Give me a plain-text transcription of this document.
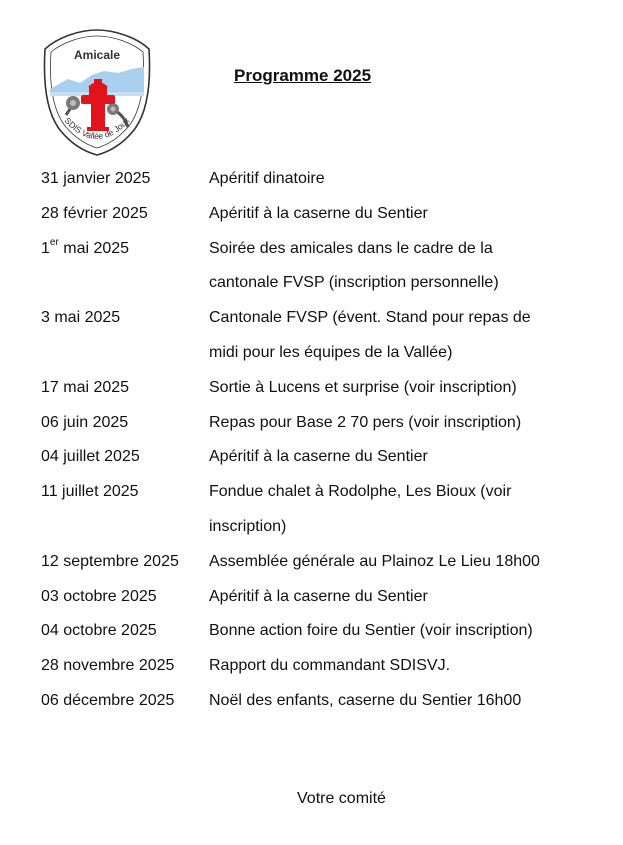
Amicale
SDIS Vallée de Joux
Programme 2025
31 janvier 2025	Apéritif dinatoire
28 février 2025	Apéritif à la caserne du Sentier
1er mai 2025	Soirée des amicales dans le cadre de la
cantonale FVSP (inscription personnelle)
3 mai 2025	Cantonale FVSP (évent. Stand pour repas de
midi pour les équipes de la Vallée)
17 mai 2025	Sortie à Lucens et surprise (voir inscription)
06 juin 2025	Repas pour Base 2 70 pers (voir inscription)
04 juillet 2025	Apéritif à la caserne du Sentier
11 juillet 2025	Fondue chalet à Rodolphe, Les Bioux (voir
inscription)
12 septembre 2025 Assemblée générale au Plainoz Le Lieu 18h00
03 octobre 2025	Apéritif à la caserne du Sentier
04 octobre 2025	Bonne action foire du Sentier (voir inscription)
28 novembre 2025 Rapport du commandant SDISVJ.
06 décembre 2025 Noël des enfants, caserne du Sentier 16h00
Votre comité
